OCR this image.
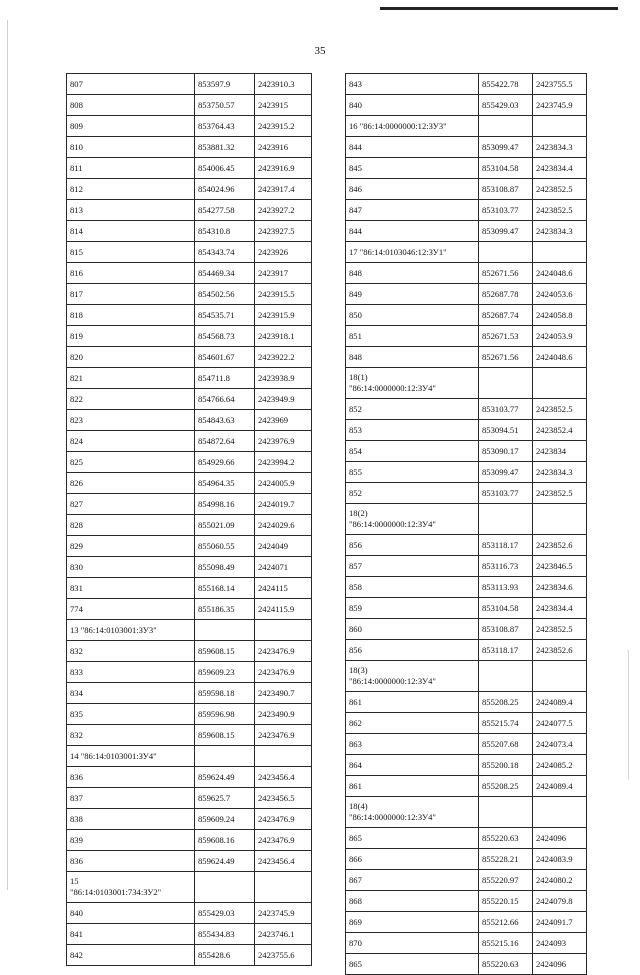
35
807	853597.9	2423910.3
808	853750.57	2423915
809	853764.43	2423915.2
810	853881.32	2423916
811	854006.45	2423916.9
812	854024.96	2423917.4
813	854277.58	2423927.2
814	854310.8	2423927.5
815	854343.74	2423926
816	854469.34	2423917
817	854502.56	2423915.5
818	854535.71	2423915.9
819	854568.73	2423918.1
820	854601.67	2423922.2
821	854711.8	2423938.9
822	854766.64	2423949.9
823	854843.63	2423969
824	854872.64	2423976.9
825	854929.66	2423994.2
826	854964.35	2424005.9
827	854998.16	2424019.7
828	855021.09	2424029.6
829	855060.55	2424049
830	855098.49	2424071
831	855168.14	2424115
774	855186.35	2424115.9
13 "86:14:0103001:ЗУ3"		
832	859608.15	2423476.9
833	859609.23	2423476.9
834	859598.18	2423490.7
835	859596.98	2423490.9
832	859608.15	2423476.9
14 "86:14:0103001:ЗУ4"		
836	859624.49	2423456.4
837	859625.7	2423456.5
838	859609.24	2423476.9
839	859608.16	2423476.9
836	859624.49	2423456.4
15
"86:14:0103001:734:ЗУ2"		
840	855429.03	2423745.9
841	855434.83	2423746.1
842	855428.6	2423755.6
843	855422.78	2423755.5
840	855429.03	2423745.9
16 "86:14:0000000:12:ЗУ3"		
844	853099.47	2423834.3
845	853104.58	2423834.4
846	853108.87	2423852.5
847	853103.77	2423852.5
844	853099.47	2423834.3
17 "86:14:0103046:12:ЗУ1"		
848	852671.56	2424048.6
849	852687.78	2424053.6
850	852687.74	2424058.8
851	852671.53	2424053.9
848	852671.56	2424048.6
18(1)
"86:14:0000000:12:ЗУ4"		
852	853103.77	2423852.5
853	853094.51	2423852.4
854	853090.17	2423834
855	853099.47	2423834.3
852	853103.77	2423852.5
18(2)
"86:14:0000000:12:ЗУ4"		
856	853118.17	2423852.6
857	853116.73	2423846.5
858	853113.93	2423834.6
859	853104.58	2423834.4
860	853108.87	2423852.5
856	853118.17	2423852.6
18(3)
"86:14:0000000:12:ЗУ4"		
861	855208.25	2424089.4
862	855215.74	2424077.5
863	855207.68	2424073.4
864	855200.18	2424085.2
861	855208.25	2424089.4
18(4)
"86:14:0000000:12:ЗУ4"		
865	855220.63	2424096
866	855228.21	2424083.9
867	855220.97	2424080.2
868	855220.15	2424079.8
869	855212.66	2424091.7
870	855215.16	2424093
865	855220.63	2424096
